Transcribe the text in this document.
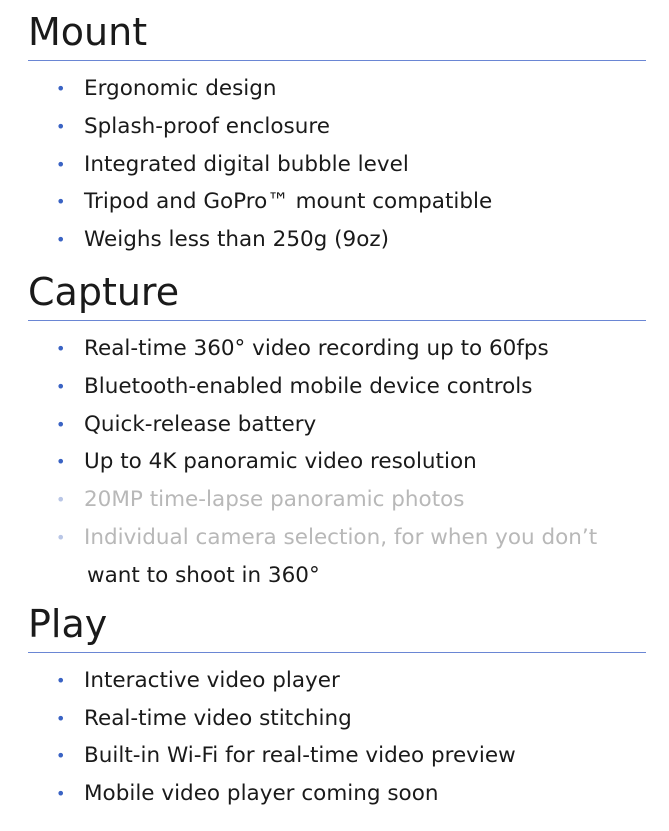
Mount
• Ergonomic design
• Splash-proof enclosure
• Integrated digital bubble level
• Tripod and GoPro™ mount compatible
• Weighs less than 250g (9oz)
Capture
• Real-time 360° video recording up to 60fps
• Bluetooth-enabled mobile device controls
• Quick-release battery
• Up to 4K panoramic video resolution
• 20MP time-lapse panoramic photos
• Individual camera selection, for when you don’t
want to shoot in 360°
Play
• Interactive video player
• Real-time video stitching
• Built-in Wi-Fi for real-time video preview
• Mobile video player coming soon
